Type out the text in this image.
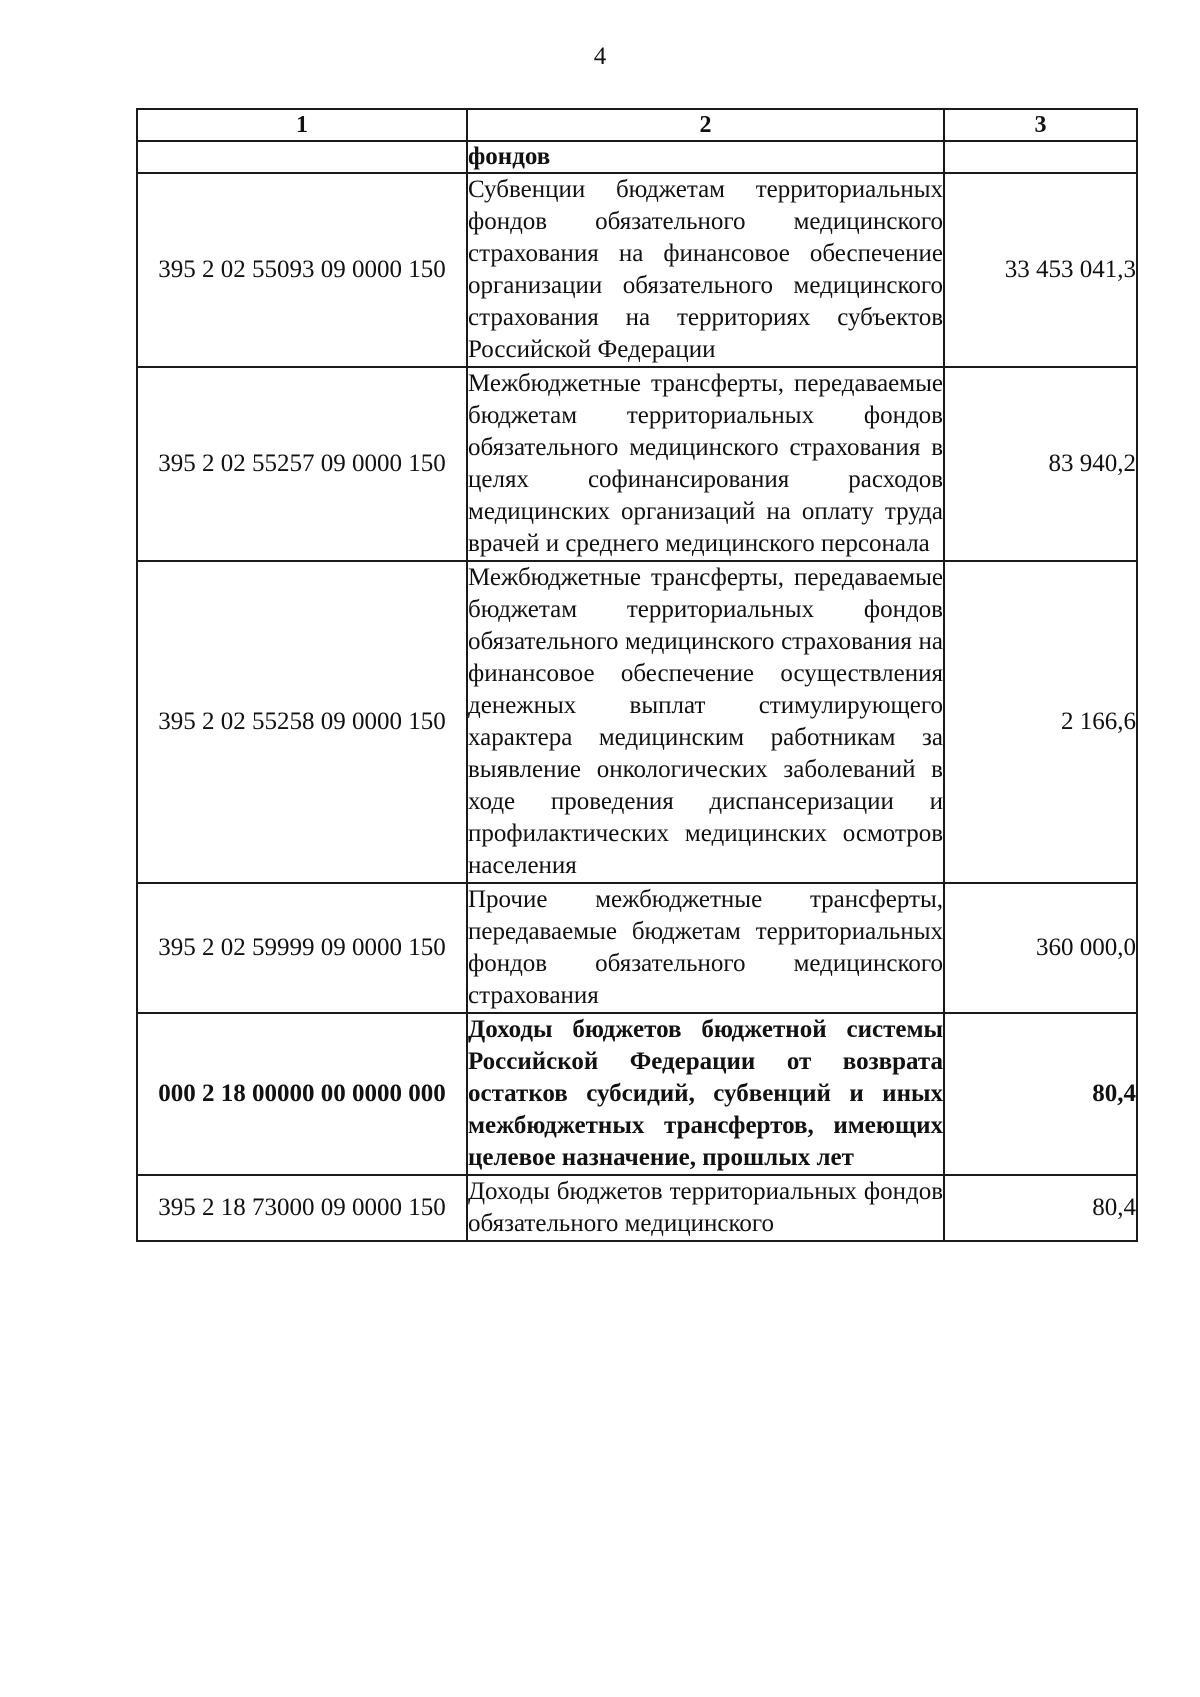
4
1	2	3

	фондов	

395 2 02 55093 09 0000 150	Субвенции бюджетам территориальных фондов обязательного медицинского страхования на финансовое обеспечение организации обязательного медицинского страхования на территориях субъектов Российской Федерации	33 453 041,3
395 2 02 55257 09 0000 150	Межбюджетные трансферты, передаваемые бюджетам территориальных фондов обязательного медицинского страхования в целях софинансирования расходов медицинских организаций на оплату труда врачей и среднего медицинского персонала	83 940,2
395 2 02 55258 09 0000 150	Межбюджетные трансферты, передаваемые бюджетам территориальных фондов обязательного медицинского страхования на финансовое обеспечение осуществления денежных выплат стимулирующего характера медицинским работникам за выявление онкологических заболеваний в ходе проведения диспансеризации и профилактических медицинских осмотров населения	2 166,6
395 2 02 59999 09 0000 150	Прочие межбюджетные трансферты, передаваемые бюджетам территориальных фондов обязательного медицинского страхования	360 000,0
000 2 18 00000 00 0000 000	Доходы бюджетов бюджетной системы Российской Федерации от возврата остатков субсидий, субвенций и иных межбюджетных трансфертов, имеющих целевое назначение, прошлых лет	80,4
395 2 18 73000 09 0000 150	Доходы бюджетов территориальных фондов обязательного медицинского	80,4
